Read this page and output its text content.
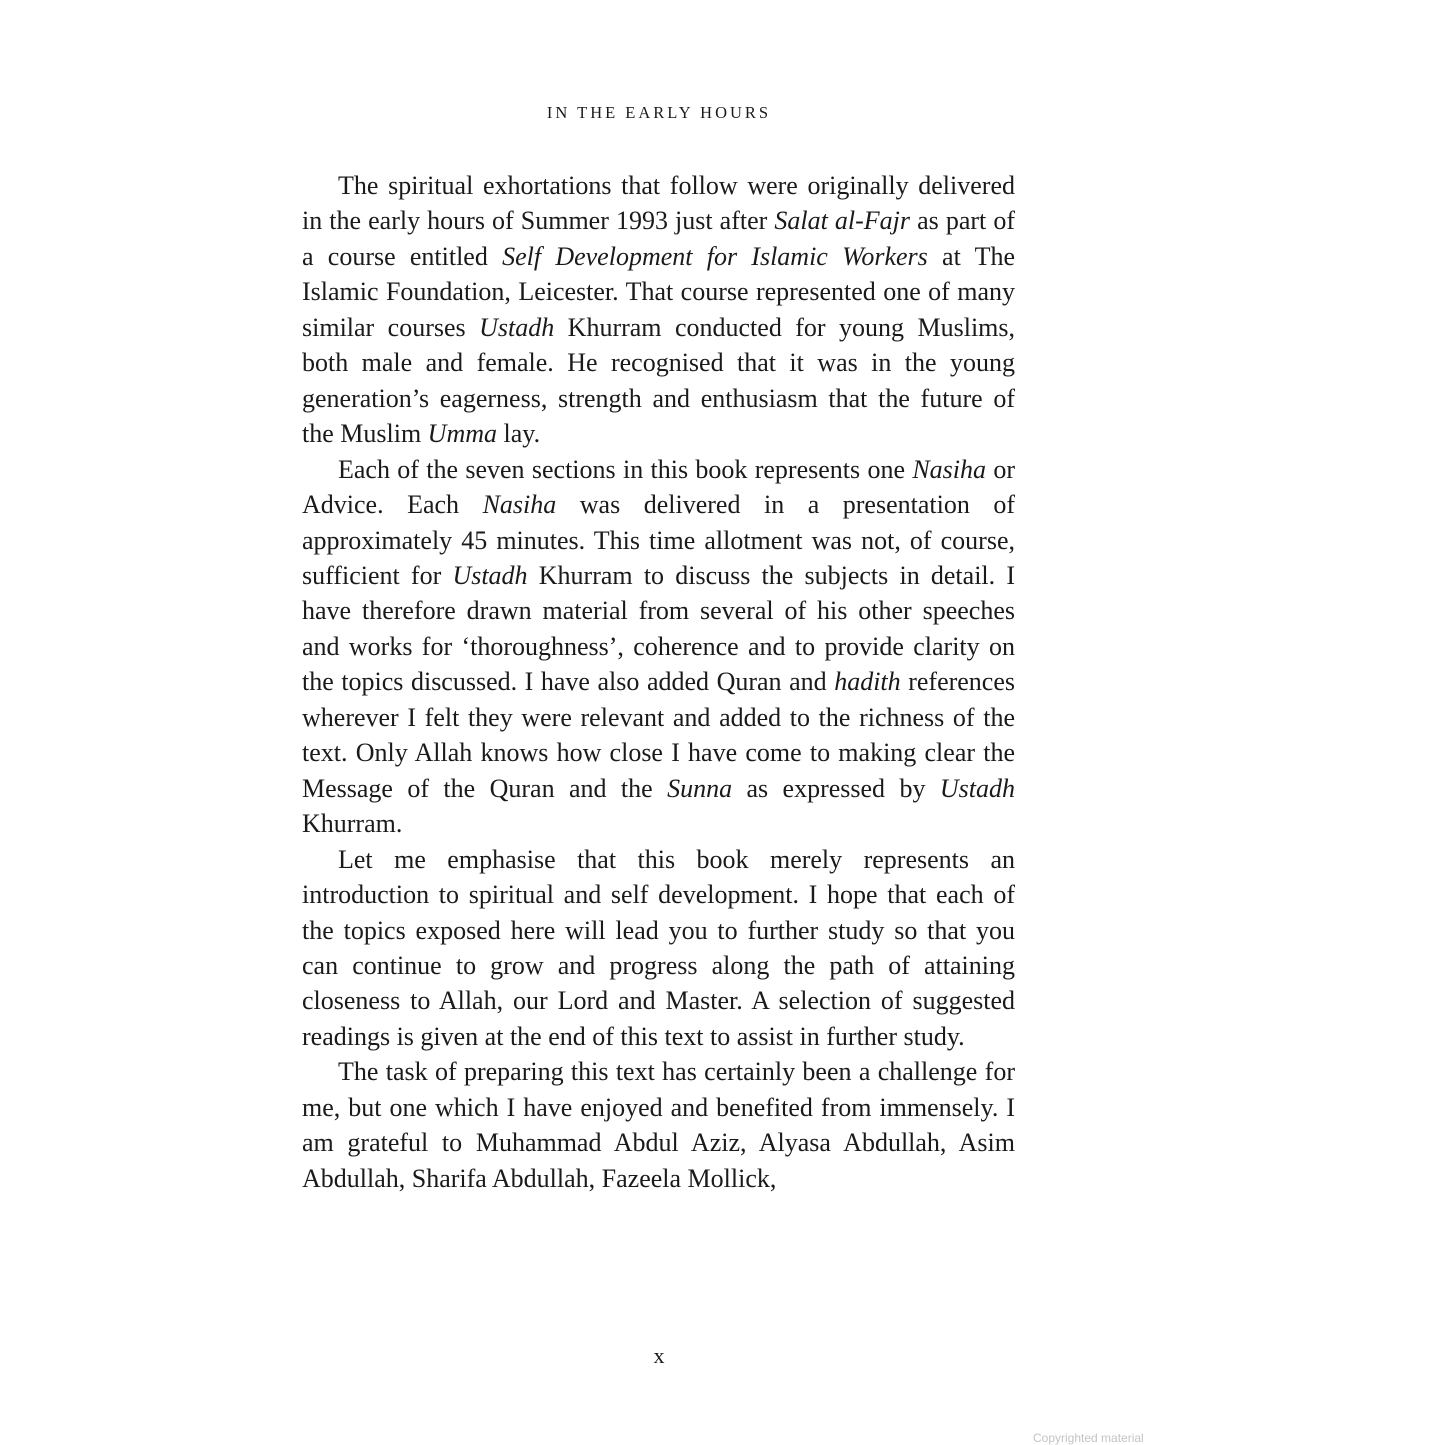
IN THE EARLY HOURS

The spiritual exhortations that follow were originally delivered in the early hours of Summer 1993 just after Salat al-Fajr as part of a course entitled Self Development for Islamic Workers at The Islamic Foundation, Leicester. That course represented one of many similar courses Ustadh Khurram conducted for young Muslims, both male and female. He recognised that it was in the young generation’s eagerness, strength and enthusiasm that the future of the Muslim Umma lay.

Each of the seven sections in this book represents one Nasiha or Advice. Each Nasiha was delivered in a presentation of approximately 45 minutes. This time allotment was not, of course, sufficient for Ustadh Khurram to discuss the subjects in detail. I have therefore drawn material from several of his other speeches and works for ‘thoroughness’, coherence and to provide clarity on the topics discussed. I have also added Quran and hadith references wherever I felt they were relevant and added to the richness of the text. Only Allah knows how close I have come to making clear the Message of the Quran and the Sunna as expressed by Ustadh Khurram.

Let me emphasise that this book merely represents an introduction to spiritual and self development. I hope that each of the topics exposed here will lead you to further study so that you can continue to grow and progress along the path of attaining closeness to Allah, our Lord and Master. A selection of suggested readings is given at the end of this text to assist in further study.

The task of preparing this text has certainly been a challenge for me, but one which I have enjoyed and benefited from immensely. I am grateful to Muhammad Abdul Aziz, Alyasa Abdullah, Asim Abdullah, Sharifa Abdullah, Fazeela Mollick,

x
Copyrighted material
